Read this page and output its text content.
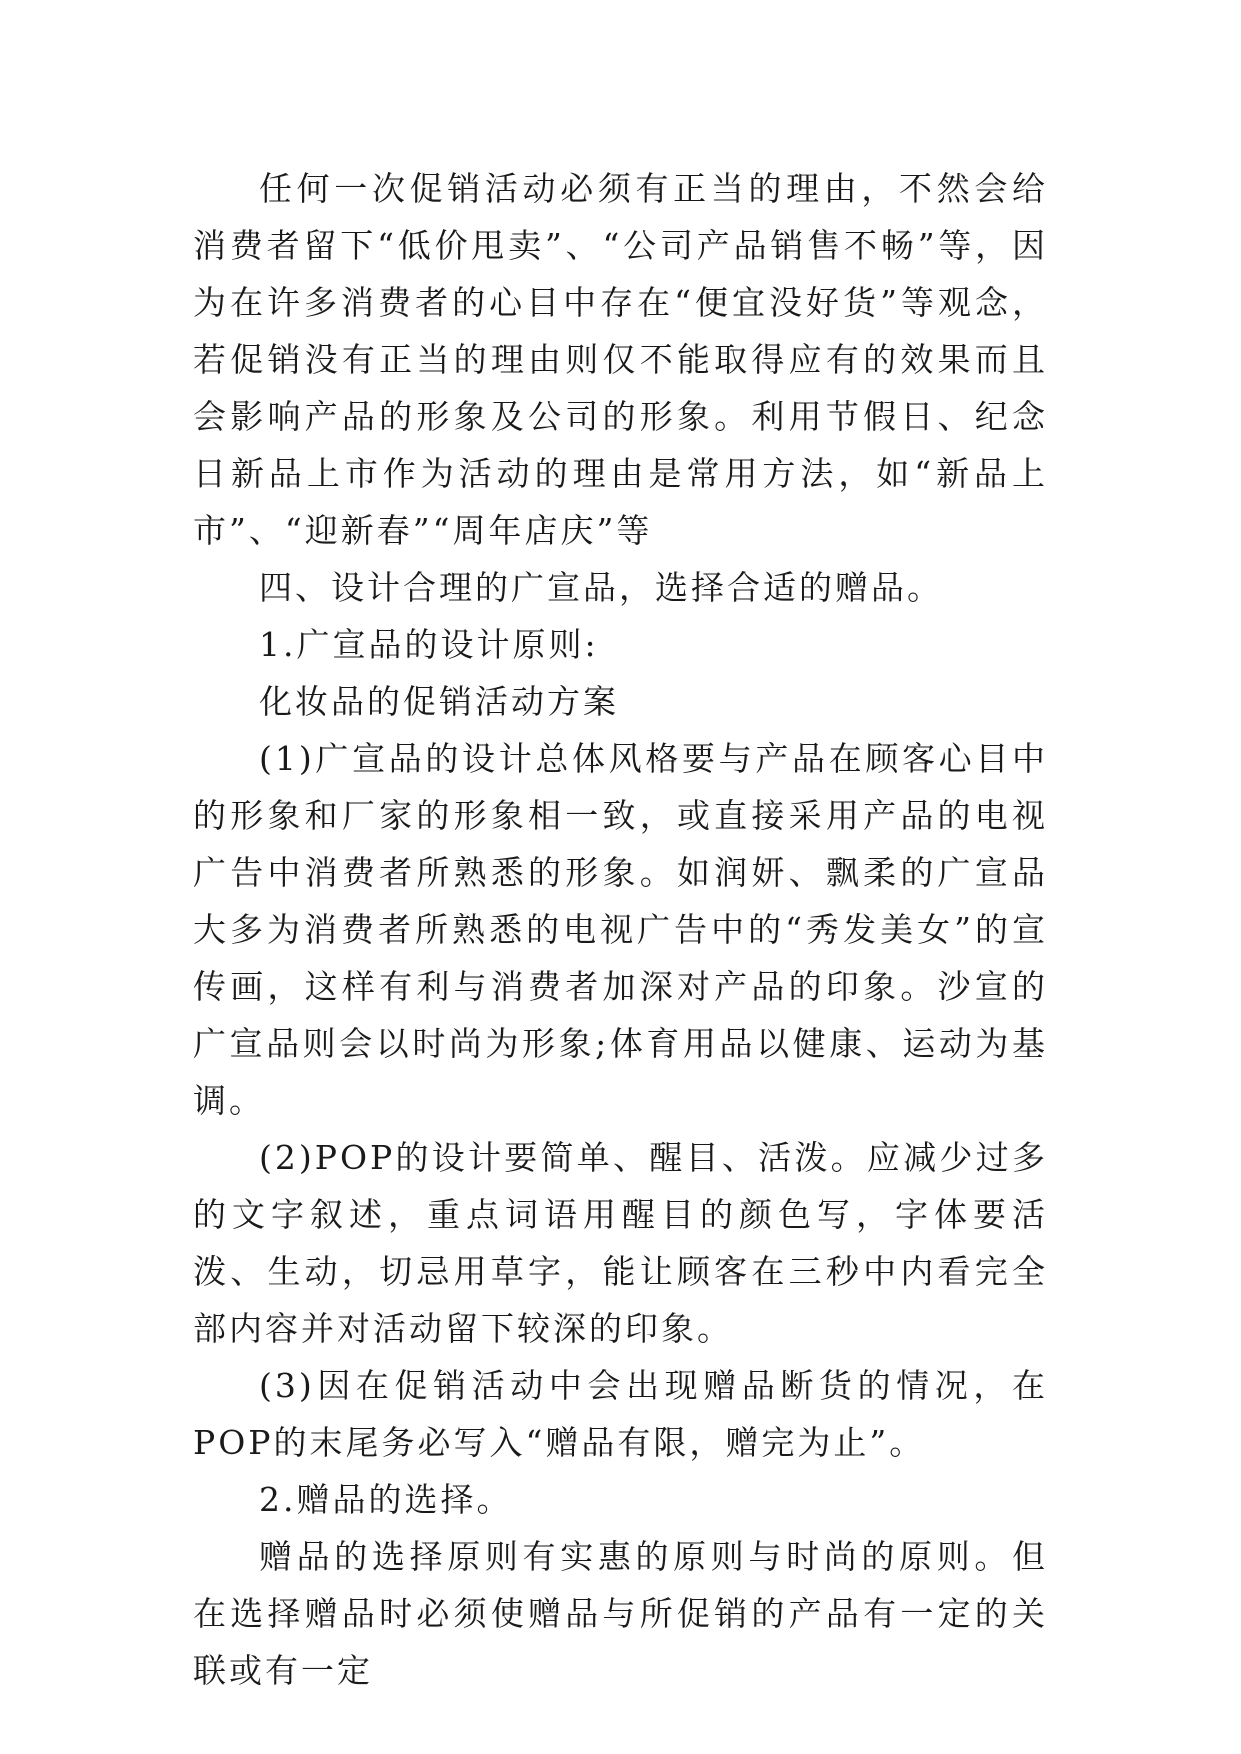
任何一次促销活动必须有正当的理由，不然会给消费者留下“低价甩卖”、“公司产品销售不畅”等，因为在许多消费者的心目中存在“便宜没好货”等观念，若促销没有正当的理由则仅不能取得应有的效果而且会影响产品的形象及公司的形象。利用节假日、纪念日新品上市作为活动的理由是常用方法，如“新品上市”、“迎新春”“周年店庆”等

四、设计合理的广宣品，选择合适的赠品。

1.广宣品的设计原则:

化妆品的促销活动方案

(1)广宣品的设计总体风格要与产品在顾客心目中的形象和厂家的形象相一致，或直接采用产品的电视广告中消费者所熟悉的形象。如润妍、飘柔的广宣品大多为消费者所熟悉的电视广告中的“秀发美女”的宣传画，这样有利与消费者加深对产品的印象。沙宣的广宣品则会以时尚为形象;体育用品以健康、运动为基调。

(2)POP的设计要简单、醒目、活泼。应减少过多的文字叙述，重点词语用醒目的颜色写，字体要活泼、生动，切忌用草字，能让顾客在三秒中内看完全部内容并对活动留下较深的印象。

(3)因在促销活动中会出现赠品断货的情况，在POP的末尾务必写入“赠品有限，赠完为止”。

2.赠品的选择。

赠品的选择原则有实惠的原则与时尚的原则。但在选择赠品时必须使赠品与所促销的产品有一定的关联或有一定
